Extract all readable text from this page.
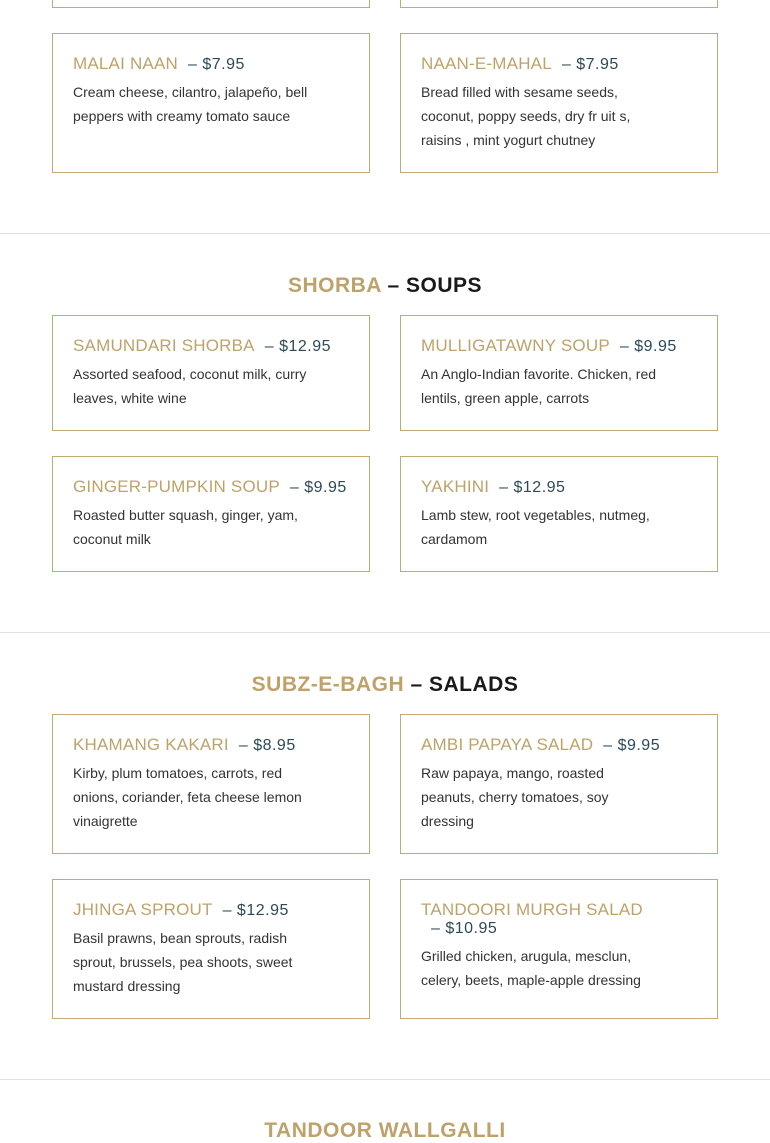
MALAI NAAN – $7.95
Cream cheese, cilantro, jalapeño, bell peppers with creamy tomato sauce
NAAN-E-MAHAL – $7.95
Bread filled with sesame seeds, coconut, poppy seeds, dry fr uit s, raisins , mint yogurt chutney
SHORBA – SOUPS
SAMUNDARI SHORBA – $12.95
Assorted seafood, coconut milk, curry leaves, white wine
MULLIGATAWNY SOUP – $9.95
An Anglo-Indian favorite. Chicken, red lentils, green apple, carrots
GINGER-PUMPKIN SOUP – $9.95
Roasted butter squash, ginger, yam, coconut milk
YAKHINI – $12.95
Lamb stew, root vegetables, nutmeg, cardamom
SUBZ-E-BAGH – SALADS
KHAMANG KAKARI – $8.95
Kirby, plum tomatoes, carrots, red onions, coriander, feta cheese lemon vinaigrette
AMBI PAPAYA SALAD – $9.95
Raw papaya, mango, roasted peanuts, cherry tomatoes, soy dressing
JHINGA SPROUT – $12.95
Basil prawns, bean sprouts, radish sprout, brussels, pea shoots, sweet mustard dressing
TANDOORI MURGH SALAD
– $10.95
Grilled chicken, arugula, mesclun, celery, beets, maple-apple dressing
TANDOOR WALLGALLI
